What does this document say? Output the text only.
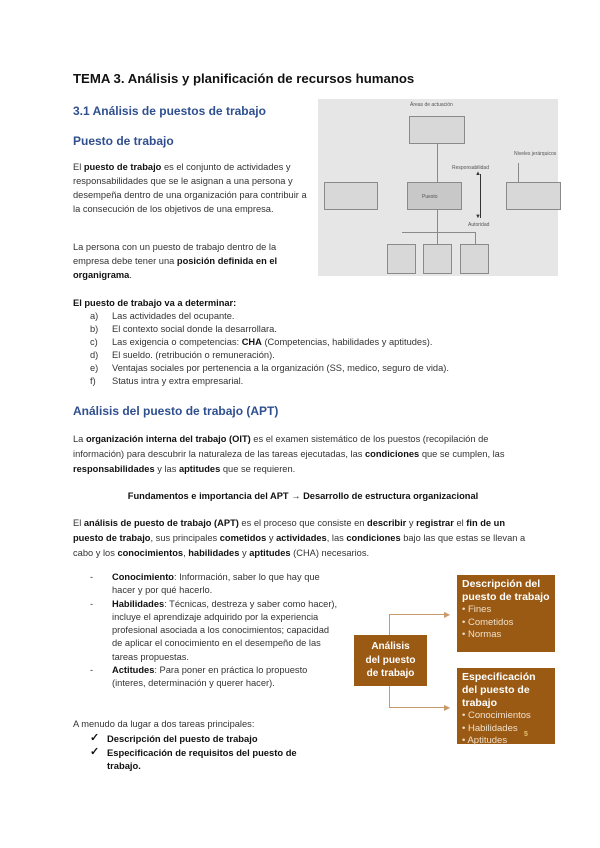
TEMA 3. Análisis y planificación de recursos humanos
3.1 Análisis de puestos de trabajo
Puesto de trabajo
El puesto de trabajo es el conjunto de actividades y responsabilidades que se le asignan a una persona y desempeña dentro de una organización para contribuir a la consecución de los objetivos de una empresa.
La persona con un puesto de trabajo dentro de la empresa debe tener una posición definida en el organigrama.
Áreas de actuación
Puesto
Niveles jerárquicos
Responsabilidad
▲
▼
Autoridad
El puesto de trabajo va a determinar:
a)	Las actividades del ocupante.
b)	El contexto social donde la desarrollara.
c)	Las exigencia o competencias: CHA (Competencias, habilidades y aptitudes).
d)	El sueldo. (retribución o remuneración).
e)	Ventajas sociales por pertenencia a la organización (SS, medico, seguro de vida).
f)	Status intra y extra empresarial.
Análisis del puesto de trabajo (APT)
La organización interna del trabajo (OIT) es el examen sistemático de los puestos (recopilación de información) para descubrir la naturaleza de las tareas ejecutadas, las condiciones que se cumplen, las responsabilidades y las aptitudes que se requieren.
Fundamentos e importancia del APT → Desarrollo de estructura organizacional
El análisis de puesto de trabajo (APT) es el proceso que consiste en describir y registrar el fin de un puesto de trabajo, sus principales cometidos y actividades, las condiciones bajo las que estas se llevan a cabo y los conocimientos, habilidades y aptitudes (CHA) necesarios.
-	Conocimiento: Información, saber lo que hay que hacer y por qué hacerlo.
-	Habilidades: Técnicas, destreza y saber como hacer), incluye el aprendizaje adquirido por la experiencia profesional asociada a los conocimientos; capacidad de aplicar el conocimiento en el desempeño de las tareas propuestas.
-	Actitudes: Para poner en práctica lo propuesto (interes, determinación y querer hacer).
A menudo da lugar a dos tareas principales:
✓ Descripción del puesto de trabajo
✓ Especificación de requisitos del puesto de trabajo.
▶
▶
Análisis del puesto de trabajo
Descripción del puesto de trabajo
• Fines
• Cometidos
• Normas
Especificación del puesto de trabajo
• Conocimientos
• Habilidades
• Aptitudes
5
